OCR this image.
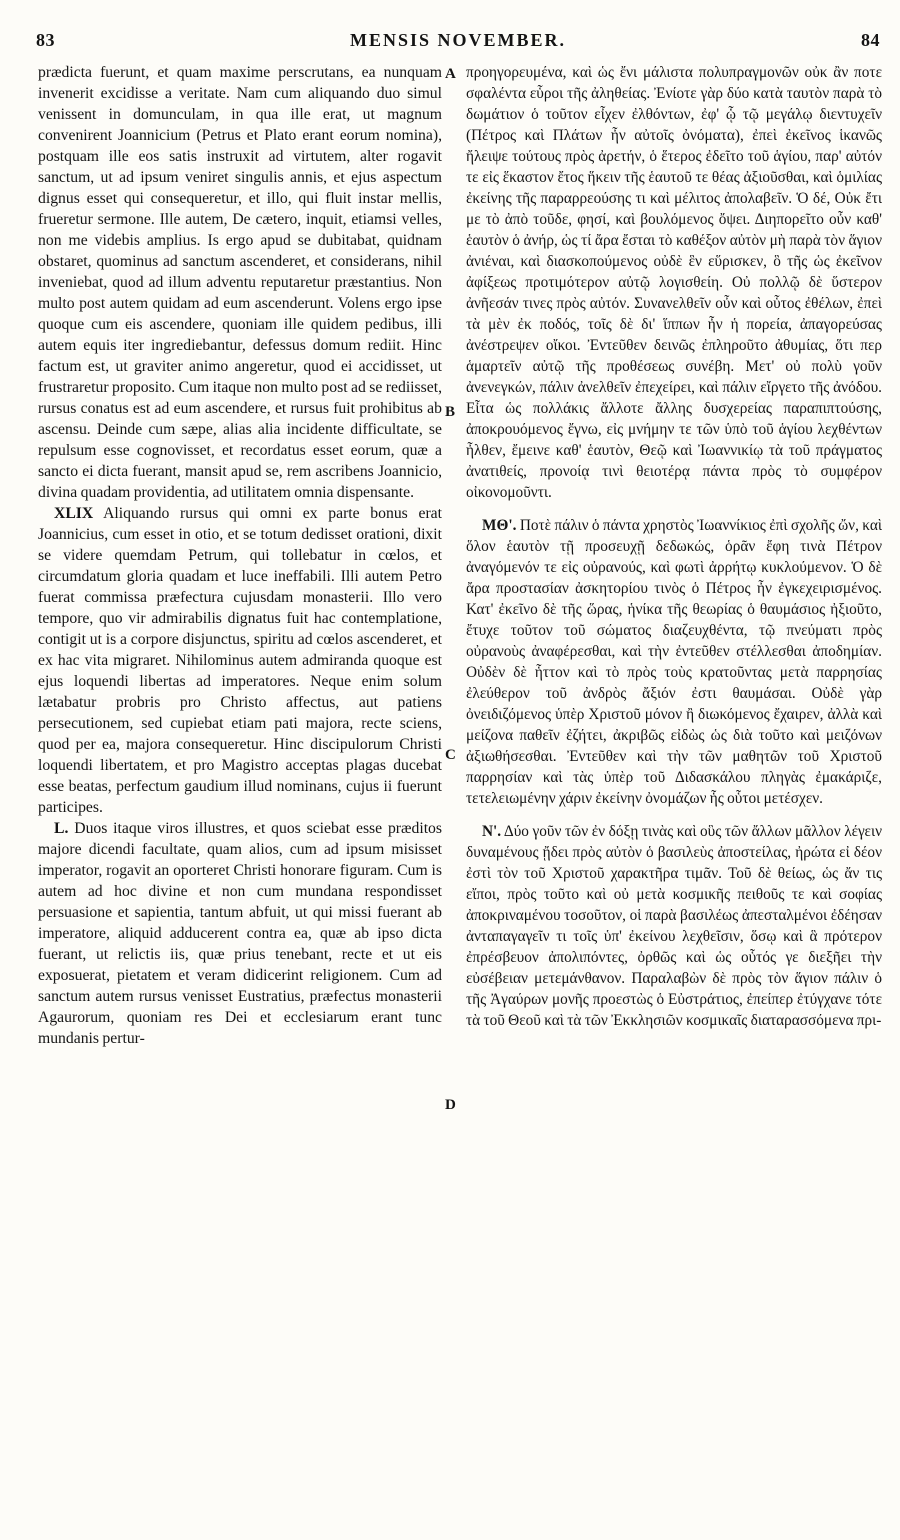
83	MENSIS NOVEMBER.	84

prædicta fuerunt, et quam maxime perscrutans, ea nunquam invenerit excidisse a veritate. Nam cum aliquando duo simul venissent in domunculam, in qua ille erat, ut magnum convenirent Joannicium (Petrus et Plato erant eorum nomina), postquam ille eos satis instruxit ad virtutem, alter rogavit sanctum, ut ad ipsum veniret singulis annis, et ejus aspectum dignus esset qui consequeretur, et illo, qui fluit instar mellis, frueretur sermone. Ille autem, De cætero, inquit, etiamsi velles, non me videbis amplius. Is ergo apud se dubitabat, quidnam obstaret, quominus ad sanctum ascenderet, et considerans, nihil inveniebat, quod ad illum adventu reputaretur præstantius. Non multo post autem quidam ad eum ascenderunt. Volens ergo ipse quoque cum eis ascendere, quoniam ille quidem pedibus, illi autem equis iter ingrediebantur, defessus domum rediit. Hinc factum est, ut graviter animo angeretur, quod ei accidisset, ut frustraretur proposito. Cum itaque non multo post ad se rediisset, rursus conatus est ad eum ascendere, et rursus fuit prohibitus ab ascensu. Deinde cum sæpe, alias alia incidente difficultate, se repulsum esse cognovisset, et recordatus esset eorum, quæ a sancto ei dicta fuerant, mansit apud se, rem ascribens Joannicio, divina quadam providentia, ad utilitatem omnia dispensante.

XLIX Aliquando rursus qui omni ex parte bonus erat Joannicius, cum esset in otio, et se totum dedisset orationi, dixit se videre quemdam Petrum, qui tollebatur in cœlos, et circumdatum gloria quadam et luce ineffabili. Illi autem Petro fuerat commissa præfectura cujusdam monasterii. Illo vero tempore, quo vir admirabilis dignatus fuit hac contemplatione, contigit ut is a corpore disjunctus, spiritu ad cœlos ascenderet, et ex hac vita migraret. Nihilominus autem admiranda quoque est ejus loquendi libertas ad imperatores. Neque enim solum lætabatur probris pro Christo affectus, aut patiens persecutionem, sed cupiebat etiam pati majora, recte sciens, quod per ea, majora consequeretur. Hinc discipulorum Christi loquendi libertatem, et pro Magistro acceptas plagas ducebat esse beatas, perfectum gaudium illud nominans, cujus ii fuerunt participes.

L. Duos itaque viros illustres, et quos sciebat esse præditos majore dicendi facultate, quam alios, cum ad ipsum misisset imperator, rogavit an oporteret Christi honorare figuram. Cum is autem ad hoc divine et non cum mundana respondisset persuasione et sapientia, tantum abfuit, ut qui missi fuerant ab imperatore, aliquid adducerent contra ea, quæ ab ipso dicta fuerant, ut relictis iis, quæ prius tenebant, recte et ut eis exposuerat, pietatem et veram didicerint religionem. Cum ad sanctum autem rursus venisset Eustratius, præfectus monasterii Agaurorum, quoniam res Dei et ecclesiarum erant tunc mundanis pertur-

A
B
C
D

προηγορευμένα, καὶ ὡς ἔνι μάλιστα πολυπραγμονῶν οὐκ ἂν ποτε σφαλέντα εὗροι τῆς ἀληθείας. Ἐνίοτε γὰρ δύο κατὰ ταυτὸν παρὰ τὸ δωμάτιον ὁ τοῦτον εἶχεν ἐλθόντων, ἐφ' ᾧ τῷ μεγάλῳ διεντυχεῖν (Πέτρος καὶ Πλάτων ἦν αὐτοῖς ὀνόματα), ἐπεὶ ἐκεῖνος ἱκανῶς ἤλειψε τούτους πρὸς ἀρετήν, ὁ ἕτερος ἐδεῖτο τοῦ ἁγίου, παρ' αὐτόν τε εἰς ἕκαστον ἔτος ἥκειν τῆς ἑαυτοῦ τε θέας ἀξιοῦσθαι, καὶ ὁμιλίας ἐκείνης τῆς παραρρεούσης τι καὶ μέλιτος ἀπολαβεῖν. Ὁ δέ, Οὐκ ἔτι με τὸ ἀπὸ τοῦδε, φησί, καὶ βουλόμενος ὄψει. Διηπορεῖτο οὖν καθ' ἑαυτὸν ὁ ἀνήρ, ὡς τί ἄρα ἔσται τὸ καθέξον αὐτὸν μὴ παρὰ τὸν ἅγιον ἀνιέναι, καὶ διασκοπούμενος οὐδὲ ἓν εὕρισκεν, ὃ τῆς ὡς ἐκεῖνον ἀφίξεως προτιμότερον αὐτῷ λογισθείη. Οὐ πολλῷ δὲ ὕστερον ἀνῆεσάν τινες πρὸς αὐτόν. Συνανελθεῖν οὖν καὶ οὗτος ἐθέλων, ἐπεὶ τὰ μὲν ἐκ ποδός, τοῖς δὲ δι' ἵππων ἦν ἡ πορεία, ἀπαγορεύσας ἀνέστρεψεν οἴκοι. Ἐντεῦθεν δεινῶς ἐπληροῦτο ἀθυμίας, ὅτι περ ἁμαρτεῖν αὐτῷ τῆς προθέσεως συνέβη. Μετ' οὐ πολὺ γοῦν ἀνενεγκών, πάλιν ἀνελθεῖν ἐπεχείρει, καὶ πάλιν εἴργετο τῆς ἀνόδου. Εἶτα ὡς πολλάκις ἄλλοτε ἄλλης δυσχερείας παραπιπτούσης, ἀποκρουόμενος ἔγνω, εἰς μνήμην τε τῶν ὑπὸ τοῦ ἁγίου λεχθέντων ἦλθεν, ἔμεινε καθ' ἑαυτὸν, Θεῷ καὶ Ἰωαννικίῳ τὰ τοῦ πράγματος ἀνατιθείς, προνοίᾳ τινὶ θειοτέρᾳ πάντα πρὸς τὸ συμφέρον οἰκονομοῦντι.

ΜΘ'. Ποτὲ πάλιν ὁ πάντα χρηστὸς Ἰωαννίκιος ἐπὶ σχολῆς ὤν, καὶ ὅλον ἑαυτὸν τῇ προσευχῇ δεδωκώς, ὁρᾶν ἔφη τινὰ Πέτρον ἀναγόμενόν τε εἰς οὐρανούς, καὶ φωτὶ ἀρρήτῳ κυκλούμενον. Ὁ δὲ ἄρα προστασίαν ἀσκητορίου τινὸς ὁ Πέτρος ἦν ἐγκεχειρισμένος. Κατ' ἐκεῖνο δὲ τῆς ὥρας, ἡνίκα τῆς θεωρίας ὁ θαυμάσιος ἠξιοῦτο, ἔτυχε τοῦτον τοῦ σώματος διαζευχθέντα, τῷ πνεύματι πρὸς οὐρανοὺς ἀναφέρεσθαι, καὶ τὴν ἐντεῦθεν στέλλεσθαι ἀποδημίαν. Οὐδὲν δὲ ἧττον καὶ τὸ πρὸς τοὺς κρατοῦντας μετὰ παρρησίας ἐλεύθερον τοῦ ἀνδρὸς ἄξιόν ἐστι θαυμάσαι. Οὐδὲ γὰρ ὀνειδιζόμενος ὑπὲρ Χριστοῦ μόνον ἢ διωκόμενος ἔχαιρεν, ἀλλὰ καὶ μείζονα παθεῖν ἐζήτει, ἀκριβῶς εἰδὼς ὡς διὰ τοῦτο καὶ μειζόνων ἀξιωθήσεσθαι. Ἐντεῦθεν καὶ τὴν τῶν μαθητῶν τοῦ Χριστοῦ παρρησίαν καὶ τὰς ὑπὲρ τοῦ Διδασκάλου πληγὰς ἐμακάριζε, τετελειωμένην χάριν ἐκείνην ὀνομάζων ἧς οὗτοι μετέσχεν.

Ν'. Δύο γοῦν τῶν ἐν δόξῃ τινὰς καὶ οὓς τῶν ἄλλων μᾶλλον λέγειν δυναμένους ᾔδει πρὸς αὐτὸν ὁ βασιλεὺς ἀποστείλας, ἠρώτα εἰ δέον ἐστὶ τὸν τοῦ Χριστοῦ χαρακτῆρα τιμᾶν. Τοῦ δὲ θείως, ὡς ἄν τις εἴποι, πρὸς τοῦτο καὶ οὐ μετὰ κοσμικῆς πειθοῦς τε καὶ σοφίας ἀποκριναμένου τοσοῦτον, οἱ παρὰ βασιλέως ἀπεσταλμένοι ἐδέησαν ἀνταπαγαγεῖν τι τοῖς ὑπ' ἐκείνου λεχθεῖσιν, ὅσῳ καὶ ἃ πρότερον ἐπρέσβευον ἀπολιπόντες, ὀρθῶς καὶ ὡς οὗτός γε διεξῆει τὴν εὐσέβειαν μετεμάνθανον. Παραλαβὼν δὲ πρὸς τὸν ἅγιον πάλιν ὁ τῆς Ἀγαύρων μονῆς προεστὼς ὁ Εὐστράτιος, ἐπείπερ ἐτύγχανε τότε τὰ τοῦ Θεοῦ καὶ τὰ τῶν Ἐκκλησιῶν κοσμικαῖς διαταρασσόμενα πρι-
